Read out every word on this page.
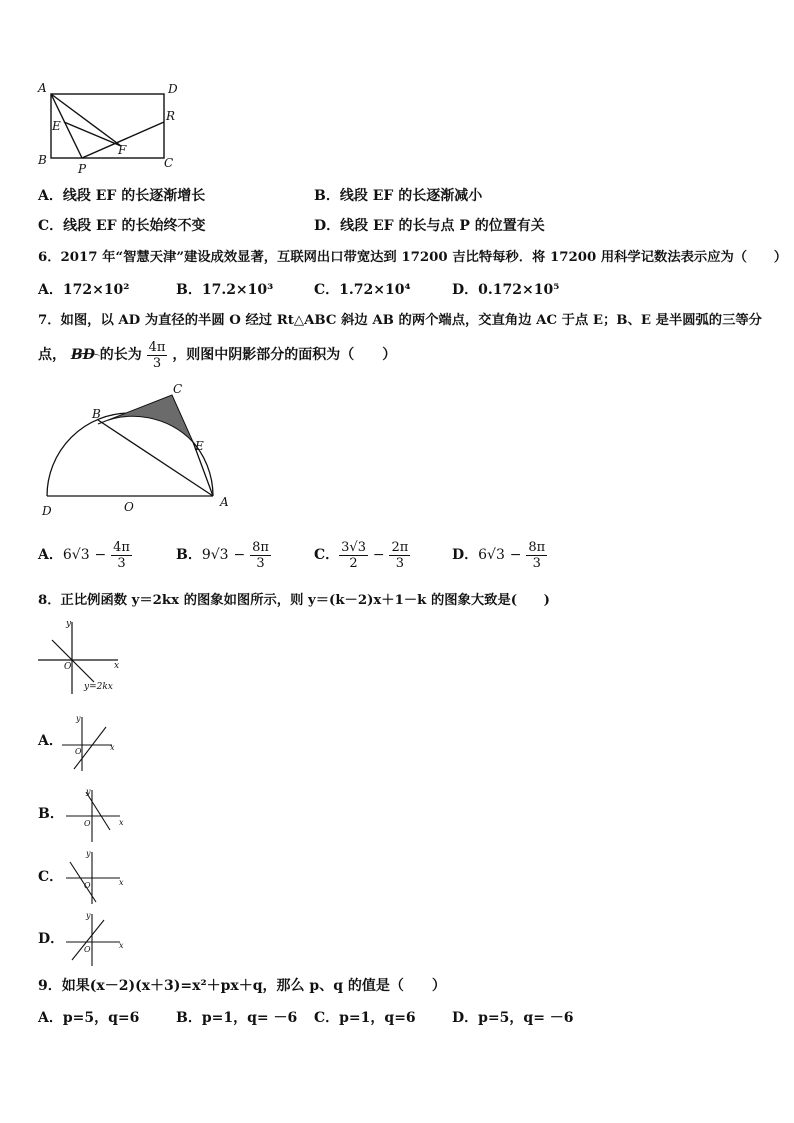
A	D
B	C
E
F
P
R
A．线段 EF 的长逐渐增长	B．线段 EF 的长逐渐减小
C．线段 EF 的长始终不变	D．线段 EF 的长与点 P 的位置有关
6．2017 年“智慧天津”建设成效显著，互联网出口带宽达到 17200 吉比特每秒．将 17200 用科学记数法表示应为（　　）
A．172×10²	B．17.2×10³	C．1.72×10⁴	D．0.172×10⁵
7．如图，以 AD 为直径的半圆 O 经过 Rt△ABC 斜边 AB 的两个端点，交直角边 AC 于点 E；B、E 是半圆弧的三等分
点， BD 的长为 $\frac{4\pi}{3}$ ，则图中阴影部分的面积为（　　）
B
C
E
D	O	A
A．$6√3 - \frac{4\pi}{3}$	B．$9√3 - \frac{8\pi}{3}$	C． $\frac{3√3}{2} - \frac{2\pi}{3}$	D．$6√3 - \frac{8\pi}{3}$
8．正比例函数 y＝2kx 的图象如图所示，则 y＝(k－2)x＋1－k 的图象大致是(　　)
y
x
O
y=2kx
A．
y
x
O
B．
y
x
O
C．
y
x
O
D．
y
x
O
9．如果(x－2)(x＋3)=x²＋px＋q，那么 p、q 的值是（　　）
A．p=5，q=6	B．p=1，q= －6 C．p=1，q=6	D．p=5，q= －6
